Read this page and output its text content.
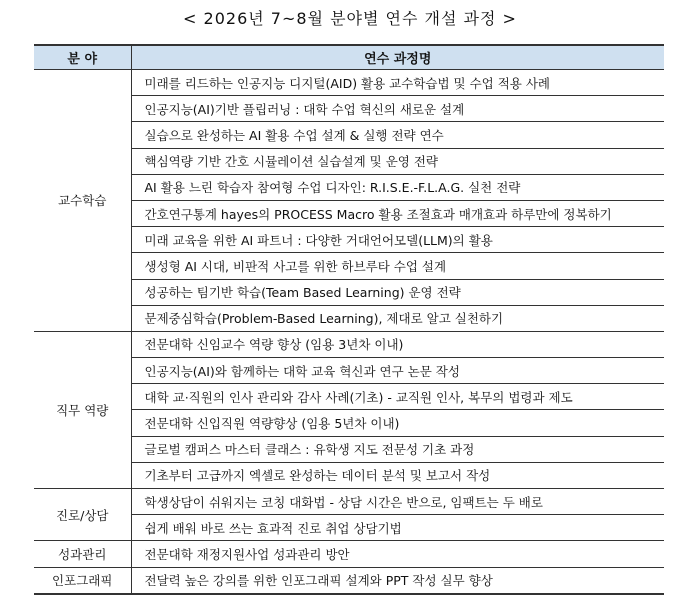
< 2026년 7~8월 분야별 연수 개설 과정 >
분 야	연수 과정명
교수학습	미래를 리드하는 인공지능 디지털(AID) 활용 교수학습법 및 수업 적용 사례
	인공지능(AI)기반 플립러닝 : 대학 수업 혁신의 새로운 설계
	실습으로 완성하는 AI 활용 수업 설계 & 실행 전략 연수
	핵심역량 기반 간호 시뮬레이션 실습설계 및 운영 전략
	AI 활용 느린 학습자 참여형 수업 디자인: R.I.S.E.-F.L.A.G. 실천 전략
	간호연구통계 hayes의 PROCESS Macro 활용 조절효과 매개효과 하루만에 정복하기
	미래 교육을 위한 AI 파트너 : 다양한 거대언어모델(LLM)의 활용
	생성형 AI 시대, 비판적 사고를 위한 하브루타 수업 설계
	성공하는 팀기반 학습(Team Based Learning) 운영 전략
	문제중심학습(Problem-Based Learning), 제대로 알고 실천하기
직무 역량	전문대학 신임교수 역량 향상 (임용 3년차 이내)
	인공지능(AI)와 함께하는 대학 교육 혁신과 연구 논문 작성
	대학 교·직원의 인사 관리와 감사 사례(기초) - 교직원 인사, 복무의 법령과 제도
	전문대학 신입직원 역량향상 (임용 5년차 이내)
	글로벌 캠퍼스 마스터 클래스 : 유학생 지도 전문성 기초 과정
	기초부터 고급까지 엑셀로 완성하는 데이터 분석 및 보고서 작성
진로/상담	학생상담이 쉬워지는 코칭 대화법 - 상담 시간은 반으로, 임팩트는 두 배로
	쉽게 배워 바로 쓰는 효과적 진로 취업 상담기법
성과관리	전문대학 재정지원사업 성과관리 방안
인포그래픽	전달력 높은 강의를 위한 인포그래픽 설계와 PPT 작성 실무 향상
